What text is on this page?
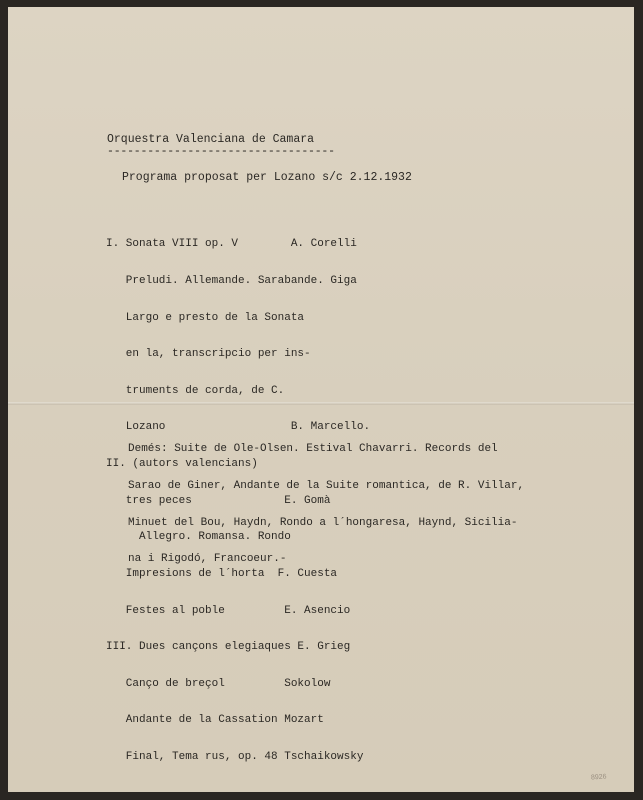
Orquestra Valenciana de Camara

----------------------------------

Programa proposat per Lozano s/c 2.12.1932

I. Sonata VIII op. V        A. Corelli

Preludi. Allemande. Sarabande. Giga

Largo e presto de la Sonata

en la, transcripcio per ins-

truments de corda, de C.

Lozano                   B. Marcello.

II. (autors valencians)

tres peces              E. Gomà

Allegro. Romansa. Rondo

Impresions de l´horta  F. Cuesta

Festes al poble         E. Asencio

III. Dues cançons elegiaques E. Grieg

Canço de breçol         Sokolow

Andante de la Cassation Mozart

Final, Tema rus, op. 48 Tschaikowsky

Demés: Suite de Ole-Olsen. Estival Chavarri. Records del

Sarao de Giner, Andante de la Suite romantica, de R. Villar,

Minuet del Bou, Haydn, Rondo a l´hongaresa, Haynd, Sicilia-

na i Rigodó, Francoeur.-

8926
